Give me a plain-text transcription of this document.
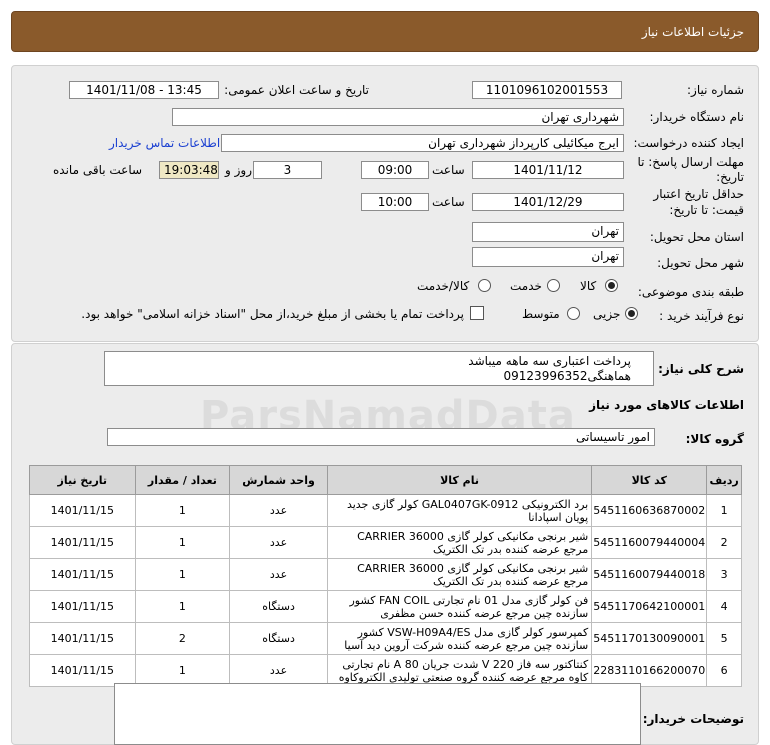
جزئیات اطلاعات نیاز
شماره نیاز:
1101096102001553
تاریخ و ساعت اعلان عمومی:
1401/11/08 - 13:45
نام دستگاه خریدار:
شهرداری تهران
ایجاد کننده درخواست:
ایرج میکائیلی کارپرداز شهرداری تهران
اطلاعات تماس خریدار
مهلت ارسال پاسخ: تا
تاریخ:
1401/11/12
ساعت
09:00
روز و	3
19:03:48
ساعت باقی مانده
حداقل تاریخ اعتبار
قیمت: تا تاریخ:
1401/12/29
ساعت
10:00
استان محل تحویل:
تهران
شهر محل تحویل:
تهران
طبقه بندی موضوعی:
کالا
خدمت
کالا/خدمت
نوع فرآیند خرید :
جزیی
متوسط
پرداخت تمام یا بخشی از مبلغ خرید،از محل "اسناد خزانه اسلامی" خواهد بود.
شرح کلی نیاز:
پرداخت اعتباری سه ماهه میباشد
هماهنگی09123996352
اطلاعات کالاهای مورد نیاز
گروه کالا:
امور تاسیساتی
ردیف	کد کالا	نام کالا	واحد شمارش	تعداد / مقدار	تاریخ نیاز
1	5451160636870002	برد الکترونیکی GAL0407GK-0912 کولر گازی جدید پویان اسپادانا	عدد	1	1401/11/15
2	5451160079440004	شیر برنجی مکانیکی کولر گازی CARRIER 36000 مرجع عرضه کننده بدر تک الکتریک	عدد	1	1401/11/15
3	5451160079440018	شیر برنجی مکانیکی کولر گازی CARRIER 36000 مرجع عرضه کننده بدر تک الکتریک	عدد	1	1401/11/15
4	5451170642100001	فن کولر گازی مدل 01 نام تجارتی FAN COIL کشور سازنده چین مرجع عرضه کننده حسن مظفری	دستگاه	1	1401/11/15
5	5451170130090001	کمپرسور کولر گازی مدل VSW-H09A4/ES کشور سازنده چین مرجع عرضه کننده شرکت آروین دید آسیا	دستگاه	2	1401/11/15
6	2283110166200070	کنتاکتور سه فاز V 220 شدت جریان A 80 نام تجارتی کاوه مرجع عرضه کننده گروه صنعتی تولیدی الکتروکاوه	عدد	1	1401/11/15
توضیحات خریدار:
